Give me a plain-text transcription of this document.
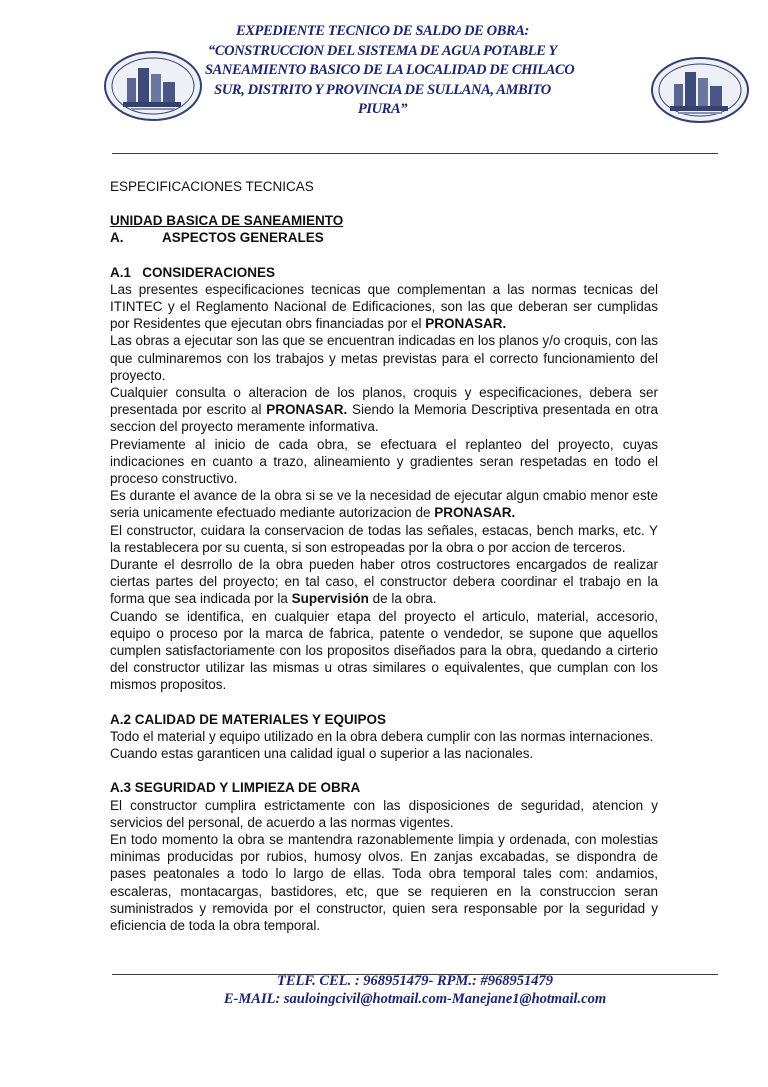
EXPEDIENTE TECNICO DE SALDO DE OBRA:
“CONSTRUCCION DEL SISTEMA DE AGUA POTABLE Y
SANEAMIENTO BASICO DE LA LOCALIDAD DE CHILACO
SUR, DISTRITO Y PROVINCIA DE SULLANA, AMBITO
PIURA”

ESPECIFICACIONES TECNICAS

UNIDAD BASICA DE SANEAMIENTO

A.	ASPECTOS GENERALES

A.1   CONSIDERACIONES

Las presentes especificaciones tecnicas que complementan a las normas tecnicas del ITINTEC y el Reglamento Nacional de Edificaciones, son las que deberan ser cumplidas por Residentes que ejecutan obrs financiadas por el PRONASAR.

Las obras a ejecutar son las que se encuentran indicadas en los planos y/o croquis, con las que culminaremos con los trabajos y metas previstas para el correcto funcionamiento del proyecto.

Cualquier consulta o alteracion de los planos, croquis y especificaciones, debera ser presentada por escrito al PRONASAR. Siendo la Memoria Descriptiva presentada en otra seccion del proyecto meramente informativa.

Previamente al inicio de cada obra, se efectuara el replanteo del proyecto, cuyas indicaciones en cuanto a trazo, alineamiento y gradientes seran respetadas en todo el proceso constructivo.

Es durante el avance de la obra si se ve la necesidad de ejecutar algun cmabio menor este seria unicamente efectuado mediante autorizacion de PRONASAR.

El constructor, cuidara la conservacion de todas las señales, estacas, bench marks, etc. Y la restablecera por su cuenta, si son estropeadas por la obra o por accion de terceros.

Durante el desrrollo de la obra pueden haber otros costructores encargados de realizar ciertas partes del proyecto; en tal caso, el constructor debera coordinar el trabajo en la forma que sea indicada por la Supervisión de la obra.

Cuando se identifica, en cualquier etapa del proyecto el articulo, material, accesorio, equipo o proceso por la marca de fabrica, patente o vendedor, se supone que aquellos cumplen satisfactoriamente con los propositos diseñados para la obra, quedando a cirterio del constructor utilizar las mismas u otras similares o equivalentes, que cumplan con los mismos propositos.

A.2 CALIDAD DE MATERIALES Y EQUIPOS

Todo el material y equipo utilizado en la obra debera cumplir con las normas internaciones.

Cuando estas garanticen una calidad igual o superior a las nacionales.

A.3 SEGURIDAD Y LIMPIEZA DE OBRA

El constructor cumplira estrictamente con las disposiciones de seguridad, atencion y servicios del personal, de acuerdo a las normas vigentes.

En todo momento la obra se mantendra razonablemente limpia y ordenada, con molestias minimas producidas por rubios, humosy olvos. En zanjas excabadas, se dispondra de pases peatonales a todo lo largo de ellas. Toda obra temporal tales com: andamios, escaleras, montacargas, bastidores, etc, que se requieren en la construccion seran suministrados y removida por el constructor, quien sera responsable por la seguridad y eficiencia de toda la obra temporal.

TELF. CEL. : 968951479- RPM.: #968951479
E-MAIL: sauloingcivil@hotmail.com-Manejane1@hotmail.com
